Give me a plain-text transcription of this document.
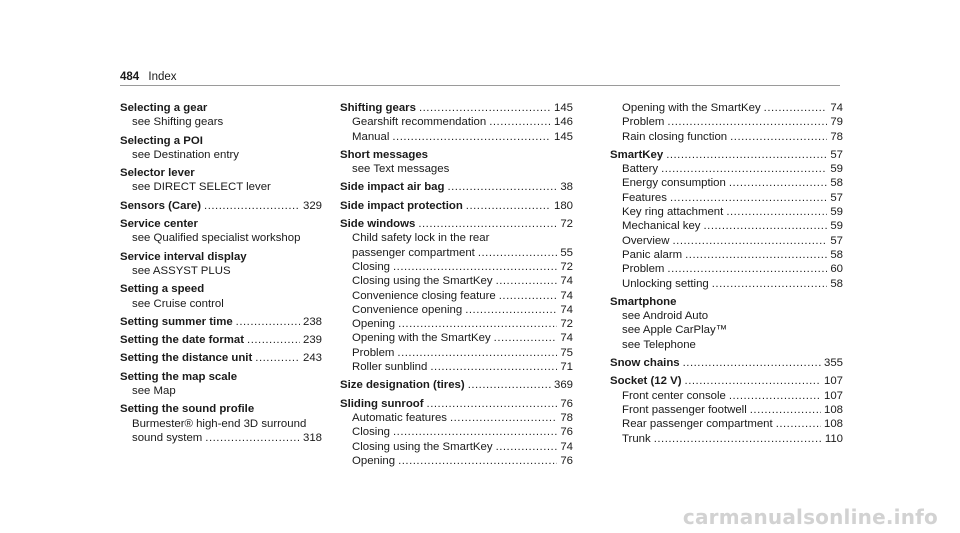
484 Index
Selecting a gear
see Shifting gears
Selecting a POI
see Destination entry
Selector lever
see DIRECT SELECT lever
Sensors (Care) .....	329
Service center
see Qualified specialist workshop
Service interval display
see ASSYST PLUS
Setting a speed
see Cruise control
Setting summer time .....	238
Setting the date format .....	239
Setting the distance unit .....	243
Setting the map scale
see Map
Setting the sound profile
Burmester® high-end 3D surround
sound system .....	318
Shifting gears .....	145
Gearshift recommendation .....	146
Manual .....	145
Short messages
see Text messages
Side impact air bag .....	38
Side impact protection .....	180
Side windows .....	72
Child safety lock in the rear
passenger compartment .....	55
Closing .....	72
Closing using the SmartKey .....	74
Convenience closing feature .....	74
Convenience opening .....	74
Opening .....	72
Opening with the SmartKey .....	74
Problem .....	75
Roller sunblind .....	71
Size designation (tires) .....	369
Sliding sunroof .....	76
Automatic features .....	78
Closing .....	76
Closing using the SmartKey .....	74
Opening .....	76
Opening with the SmartKey .....	74
Problem .....	79
Rain closing function .....	78
SmartKey .....	57
Battery .....	59
Energy consumption .....	58
Features .....	57
Key ring attachment .....	59
Mechanical key .....	59
Overview .....	57
Panic alarm .....	58
Problem .....	60
Unlocking setting .....	58
Smartphone
see Android Auto
see Apple CarPlay™
see Telephone
Snow chains .....	355
Socket (12 V) .....	107
Front center console .....	107
Front passenger footwell .....	108
Rear passenger compartment .....	108
Trunk .....	110
carmanualsonline.info
